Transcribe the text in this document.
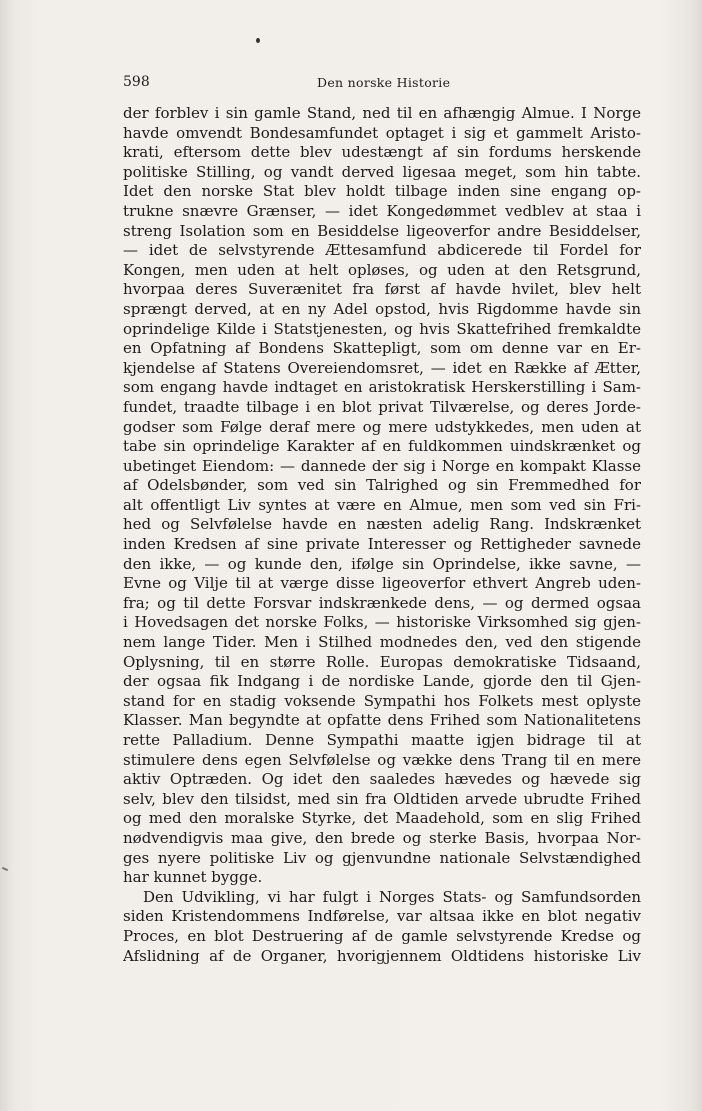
598	Den norske Historie
der forblev i sin gamle Stand, ned til en afhængig Almue. I Norge
havde omvendt Bondesamfundet optaget i sig et gammelt Aristo-
krati, eftersom dette blev udestængt af sin fordums herskende
politiske Stilling, og vandt derved ligesaa meget, som hin tabte.
Idet den norske Stat blev holdt tilbage inden sine engang op-
trukne snævre Grænser, — idet Kongedømmet vedblev at staa i
streng Isolation som en Besiddelse ligeoverfor andre Besiddelser,
— idet de selvstyrende Ættesamfund abdicerede til Fordel for
Kongen, men uden at helt opløses, og uden at den Retsgrund,
hvorpaa deres Suverænitet fra først af havde hvilet, blev helt
sprængt derved, at en ny Adel opstod, hvis Rigdomme havde sin
oprindelige Kilde i Statstjenesten, og hvis Skattefrihed fremkaldte
en Opfatning af Bondens Skattepligt, som om denne var en Er-
kjendelse af Statens Overeiendomsret, — idet en Række af Ætter,
som engang havde indtaget en aristokratisk Herskerstilling i Sam-
fundet, traadte tilbage i en blot privat Tilværelse, og deres Jorde-
godser som Følge deraf mere og mere udstykkedes, men uden at
tabe sin oprindelige Karakter af en fuldkommen uindskrænket og
ubetinget Eiendom: — dannede der sig i Norge en kompakt Klasse
af Odelsbønder, som ved sin Talrighed og sin Fremmedhed for
alt offentligt Liv syntes at være en Almue, men som ved sin Fri-
hed og Selvfølelse havde en næsten adelig Rang. Indskrænket
inden Kredsen af sine private Interesser og Rettigheder savnede
den ikke, — og kunde den, ifølge sin Oprindelse, ikke savne, —
Evne og Vilje til at værge disse ligeoverfor ethvert Angreb uden-
fra; og til dette Forsvar indskrænkede dens, — og dermed ogsaa
i Hovedsagen det norske Folks, — historiske Virksomhed sig gjen-
nem lange Tider. Men i Stilhed modnedes den, ved den stigende
Oplysning, til en større Rolle. Europas demokratiske Tidsaand,
der ogsaa fik Indgang i de nordiske Lande, gjorde den til Gjen-
stand for en stadig voksende Sympathi hos Folkets mest oplyste
Klasser. Man begyndte at opfatte dens Frihed som Nationalitetens
rette Palladium. Denne Sympathi maatte igjen bidrage til at
stimulere dens egen Selvfølelse og vække dens Trang til en mere
aktiv Optræden. Og idet den saaledes hævedes og hævede sig
selv, blev den tilsidst, med sin fra Oldtiden arvede ubrudte Frihed
og med den moralske Styrke, det Maadehold, som en slig Frihed
nødvendigvis maa give, den brede og sterke Basis, hvorpaa Nor-
ges nyere politiske Liv og gjenvundne nationale Selvstændighed
har kunnet bygge.
Den Udvikling, vi har fulgt i Norges Stats- og Samfundsorden
siden Kristendommens Indførelse, var altsaa ikke en blot negativ
Proces, en blot Destruering af de gamle selvstyrende Kredse og
Afslidning af de Organer, hvorigjennem Oldtidens historiske Liv
